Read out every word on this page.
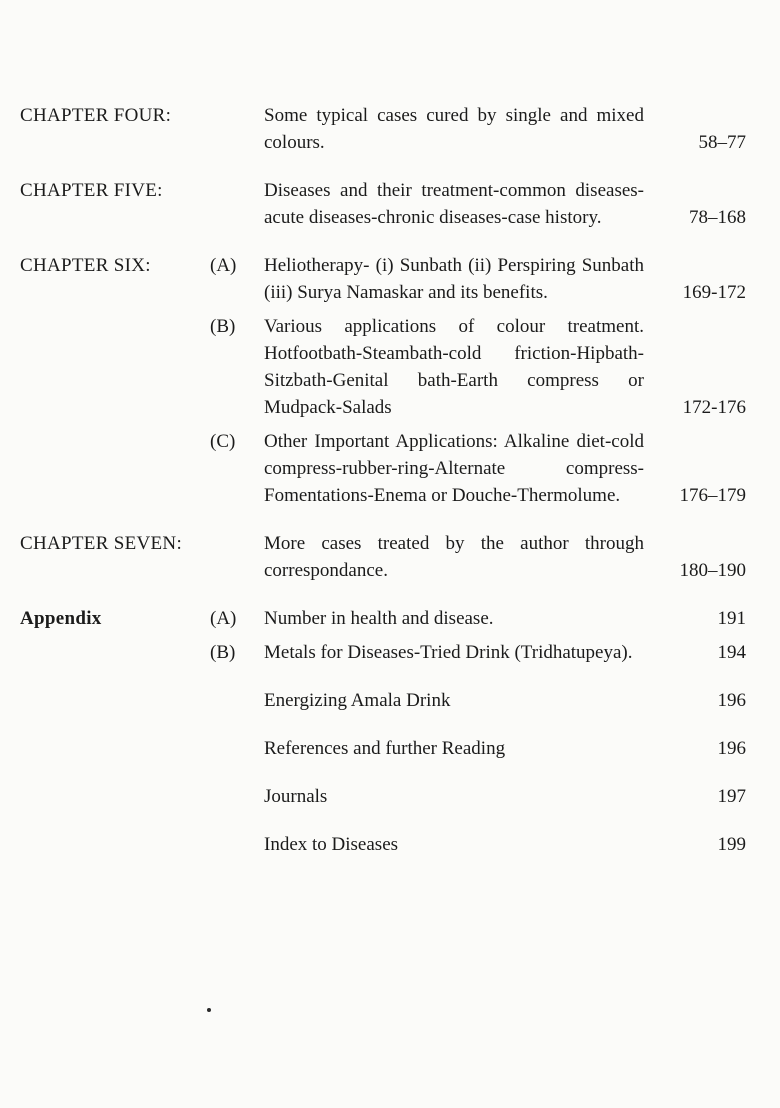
CHAPTER FOUR:	Some typical cases cured by single and mixed colours.	58–77
CHAPTER FIVE:	Diseases and their treatment-common diseases-acute diseases-chronic diseases-case history.	78–168
CHAPTER SIX:	(A)	Heliotherapy- (i) Sunbath (ii) Perspiring Sunbath (iii) Surya Namaskar and its benefits.	169-172
(B)	Various applications of colour treatment. Hotfootbath-Steambath-cold friction-Hipbath-Sitzbath-Genital bath-Earth compress or Mudpack-Salads	172-176
(C)	Other Important Applications: Alkaline diet-cold compress-rubber-ring-Alternate compress-Fomentations-Enema or Douche-Thermolume.	176–179
CHAPTER SEVEN:	More cases treated by the author through correspondance.	180–190
Appendix	(A)	Number in health and disease.	191
(B)	Metals for Diseases-Tried Drink (Tridhatupeya).	194
Energizing Amala Drink	196
References and further Reading	196
Journals	197
Index to Diseases	199
